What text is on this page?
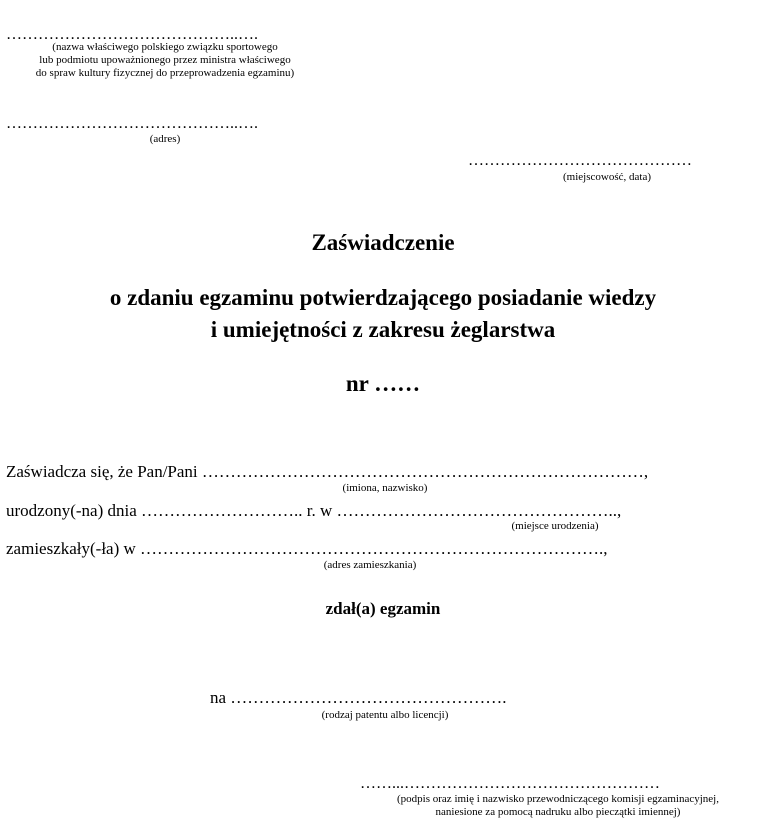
……………………………………..….
(nazwa właściwego polskiego związku sportowego
lub podmiotu upoważnionego przez ministra właściwego
do spraw kultury fizycznej do przeprowadzenia egzaminu)
……………………………………..….
(adres)
……………………………………
(miejscowość, data)
Zaświadczenie
o zdaniu egzaminu potwierdzającego posiadanie wiedzy
i umiejętności z zakresu żeglarstwa
nr ……
Zaświadcza się, że Pan/Pani ……………………………………………………………………,
(imiona, nazwisko)
urodzony(-na) dnia ……………………….. r. w …………………………………………..,
(miejsce urodzenia)
zamieszkały(-ła) w ……………………………………………………………………….,
(adres zamieszkania)
zdał(a) egzamin
na ………………………………………….
(rodzaj patentu albo licencji)
……...…………………………………………
(podpis oraz imię i nazwisko przewodniczącego komisji egzaminacyjnej,
naniesione za pomocą nadruku albo pieczątki imiennej)
